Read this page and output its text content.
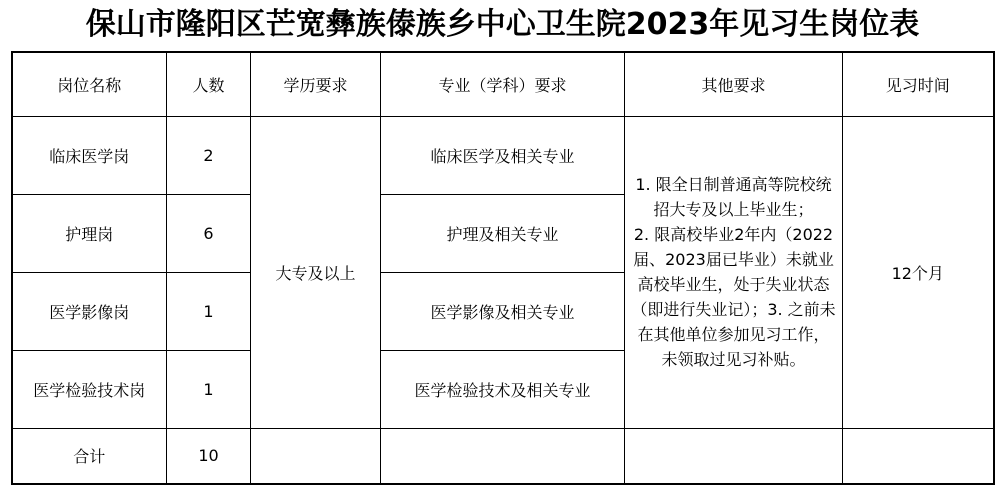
保山市隆阳区芒宽彝族傣族乡中心卫生院2023年见习生岗位表
岗位名称	人数	学历要求	专业（学科）要求	其他要求	见习时间
临床医学岗	2	大专及以上	临床医学及相关专业	1. 限全日制普通高等院校统招大专及以上毕业生；                  2. 限高校毕业2年内（2022届、2023届已毕业）未就业高校毕业生，处于失业状态（即进行失业记）；3. 之前未在其他单位参加见习工作，未领取过见习补贴。	12个月
护理岗	6		护理及相关专业		
医学影像岗	1		医学影像及相关专业		
医学检验技术岗	1		医学检验技术及相关专业		
合计	10				
